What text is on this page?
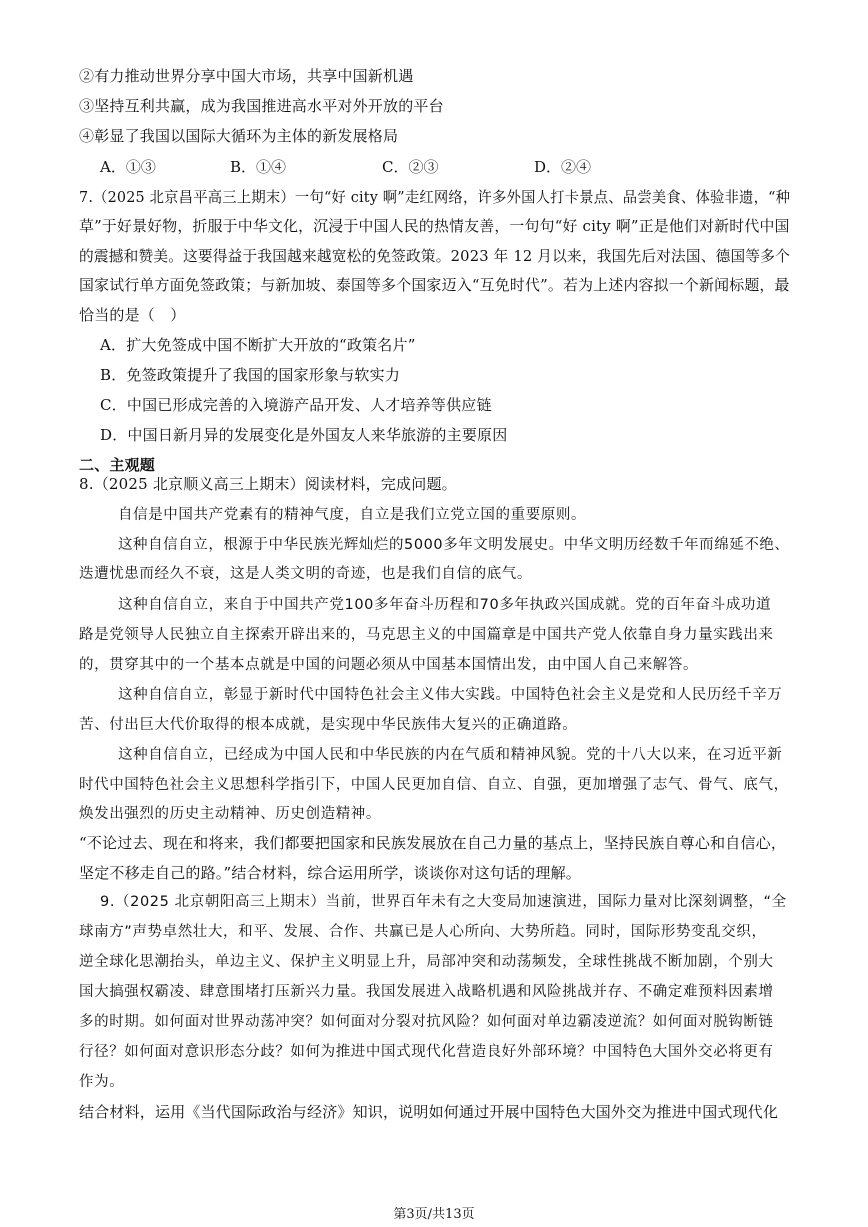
②有力推动世界分享中国大市场，共享中国新机遇
③坚持互利共赢，成为我国推进高水平对外开放的平台
④彰显了我国以国际大循环为主体的新发展格局
A．①③	B．①④	C．②③	D．②④
7.（2025 北京昌平高三上期末）一句“好 city 啊”走红网络，许多外国人打卡景点、品尝美食、体验非遗，“种
草”于好景好物，折服于中华文化，沉浸于中国人民的热情友善，一句句“好 city 啊”正是他们对新时代中国
的震撼和赞美。这要得益于我国越来越宽松的免签政策。2023 年 12 月以来，我国先后对法国、德国等多个
国家试行单方面免签政策；与新加坡、泰国等多个国家迈入“互免时代”。若为上述内容拟一个新闻标题，最
恰当的是（　）
A．扩大免签成中国不断扩大开放的“政策名片”
B．免签政策提升了我国的国家形象与软实力
C．中国已形成完善的入境游产品开发、人才培养等供应链
D．中国日新月异的发展变化是外国友人来华旅游的主要原因
二、主观题
8.（2025 北京顺义高三上期末）阅读材料，完成问题。
自信是中国共产党素有的精神气度，自立是我们立党立国的重要原则。
这种自信自立，根源于中华民族光辉灿烂的5000多年文明发展史。中华文明历经数千年而绵延不绝、
迭遭忧患而经久不衰，这是人类文明的奇迹，也是我们自信的底气。
这种自信自立，来自于中国共产党100多年奋斗历程和70多年执政兴国成就。党的百年奋斗成功道
路是党领导人民独立自主探索开辟出来的，马克思主义的中国篇章是中国共产党人依靠自身力量实践出来
的，贯穿其中的一个基本点就是中国的问题必须从中国基本国情出发，由中国人自己来解答。
这种自信自立，彰显于新时代中国特色社会主义伟大实践。中国特色社会主义是党和人民历经千辛万
苦、付出巨大代价取得的根本成就，是实现中华民族伟大复兴的正确道路。
这种自信自立，已经成为中国人民和中华民族的内在气质和精神风貌。党的十八大以来，在习近平新
时代中国特色社会主义思想科学指引下，中国人民更加自信、自立、自强，更加增强了志气、骨气、底气，
焕发出强烈的历史主动精神、历史创造精神。
“不论过去、现在和将来，我们都要把国家和民族发展放在自己力量的基点上，坚持民族自尊心和自信心，
坚定不移走自己的路。”结合材料，综合运用所学，谈谈你对这句话的理解。
9.（2025 北京朝阳高三上期末）当前，世界百年未有之大变局加速演进，国际力量对比深刻调整，“全
球南方”声势卓然壮大，和平、发展、合作、共赢已是人心所向、大势所趋。同时，国际形势变乱交织，
逆全球化思潮抬头，单边主义、保护主义明显上升，局部冲突和动荡频发，全球性挑战不断加剧，个别大
国大搞强权霸凌、肆意围堵打压新兴力量。我国发展进入战略机遇和风险挑战并存、不确定难预料因素增
多的时期。如何面对世界动荡冲突？如何面对分裂对抗风险？如何面对单边霸凌逆流？如何面对脱钩断链
行径？如何面对意识形态分歧？如何为推进中国式现代化营造良好外部环境？中国特色大国外交必将更有
作为。
结合材料，运用《当代国际政治与经济》知识，说明如何通过开展中国特色大国外交为推进中国式现代化
第3页/共13页
